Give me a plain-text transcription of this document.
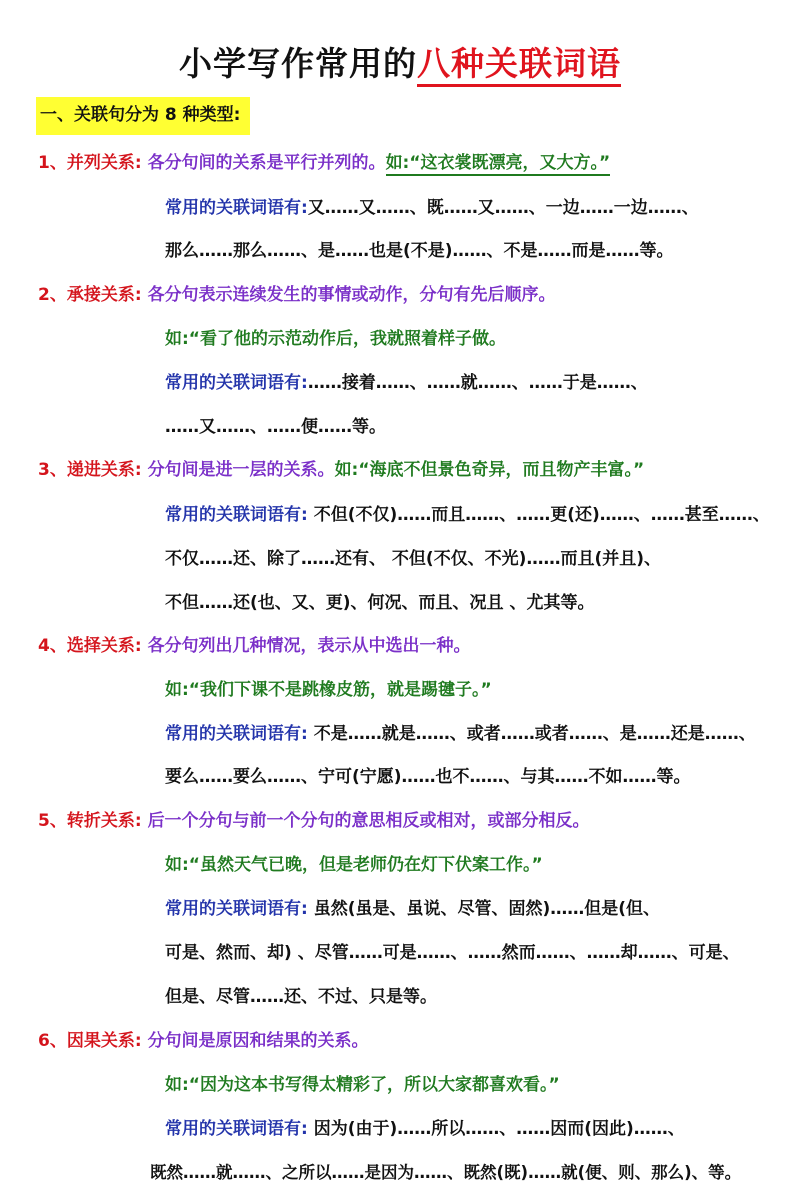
小学写作常用的八种关联词语
一、关联句分为 8 种类型:
1、并列关系: 各分句间的关系是平行并列的。如:“这衣裳既漂亮，又大方。”
常用的关联词语有:又……又……、既……又……、一边……一边……、
那么……那么……、是……也是(不是)……、不是……而是……等。
2、承接关系: 各分句表示连续发生的事情或动作，分句有先后顺序。
如:“看了他的示范动作后，我就照着样子做。
常用的关联词语有:……接着……、……就……、……于是……、
……又……、……便……等。
3、递进关系: 分句间是进一层的关系。如:“海底不但景色奇异，而且物产丰富。”
常用的关联词语有: 不但(不仅)……而且……、……更(还)……、……甚至……、
不仅……还、除了……还有、 不但(不仅、不光)……而且(并且)、
不但……还(也、又、更)、何况、而且、况且 、尤其等。
4、选择关系: 各分句列出几种情况，表示从中选出一种。
如:“我们下课不是跳橡皮筋，就是踢毽子。”
常用的关联词语有: 不是……就是……、或者……或者……、是……还是……、
要么……要么……、宁可(宁愿)……也不……、与其……不如……等。
5、转折关系: 后一个分句与前一个分句的意思相反或相对，或部分相反。
如:“虽然天气已晚，但是老师仍在灯下伏案工作。”
常用的关联词语有: 虽然(虽是、虽说、尽管、固然)……但是(但、
可是、然而、却) 、尽管……可是……、……然而……、……却……、可是、
但是、尽管……还、不过、只是等。
6、因果关系: 分句间是原因和结果的关系。
如:“因为这本书写得太精彩了，所以大家都喜欢看。”
常用的关联词语有: 因为(由于)……所以……、……因而(因此)……、
既然……就……、之所以……是因为……、既然(既)……就(便、则、那么)、等。
